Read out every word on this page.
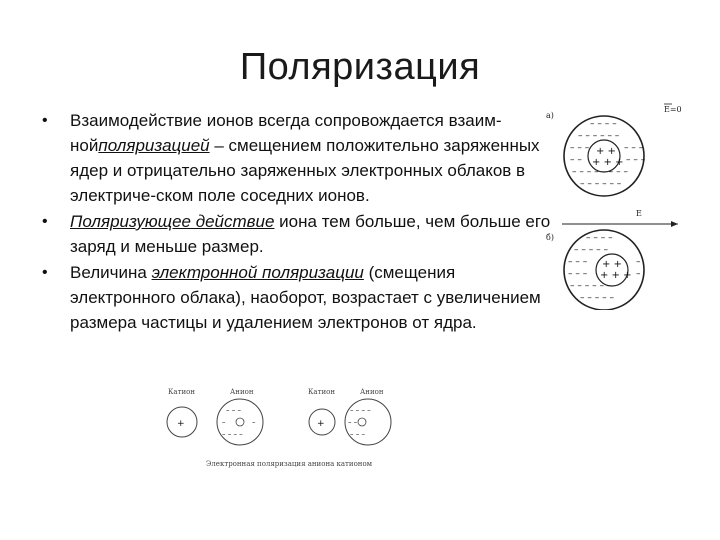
Поляризация
• Взаимодействие ионов всегда сопровождается взаим-нойполяризацией – смещением положительно заряженных ядер и отрицательно заряженных электронных облаков в электриче-ском поле соседних ионов.
• Поляризующее действие иона тем больше, чем больше его заряд и меньше размер.
• Величина электронной поляризации (смещения электронного облака), наоборот, возрастает с увеличением размера частицы и удалением электронов от ядра.
а)
E=0
– – – –
– – – – – –
– – –	– – –
– –	– – –
– – – – – – – –
– – – – – –
+ +
+ + +
б)
E
– – – –
– – – – –
– – –	–
– – –	–
– – – – – –
– – – – –
+ +
+ + +
Катион	Анион
+
– – –
– – – –
–	–
Катион	Анион
+
– – – –
– – –
– –
Электронная поляризация аниона катионом
